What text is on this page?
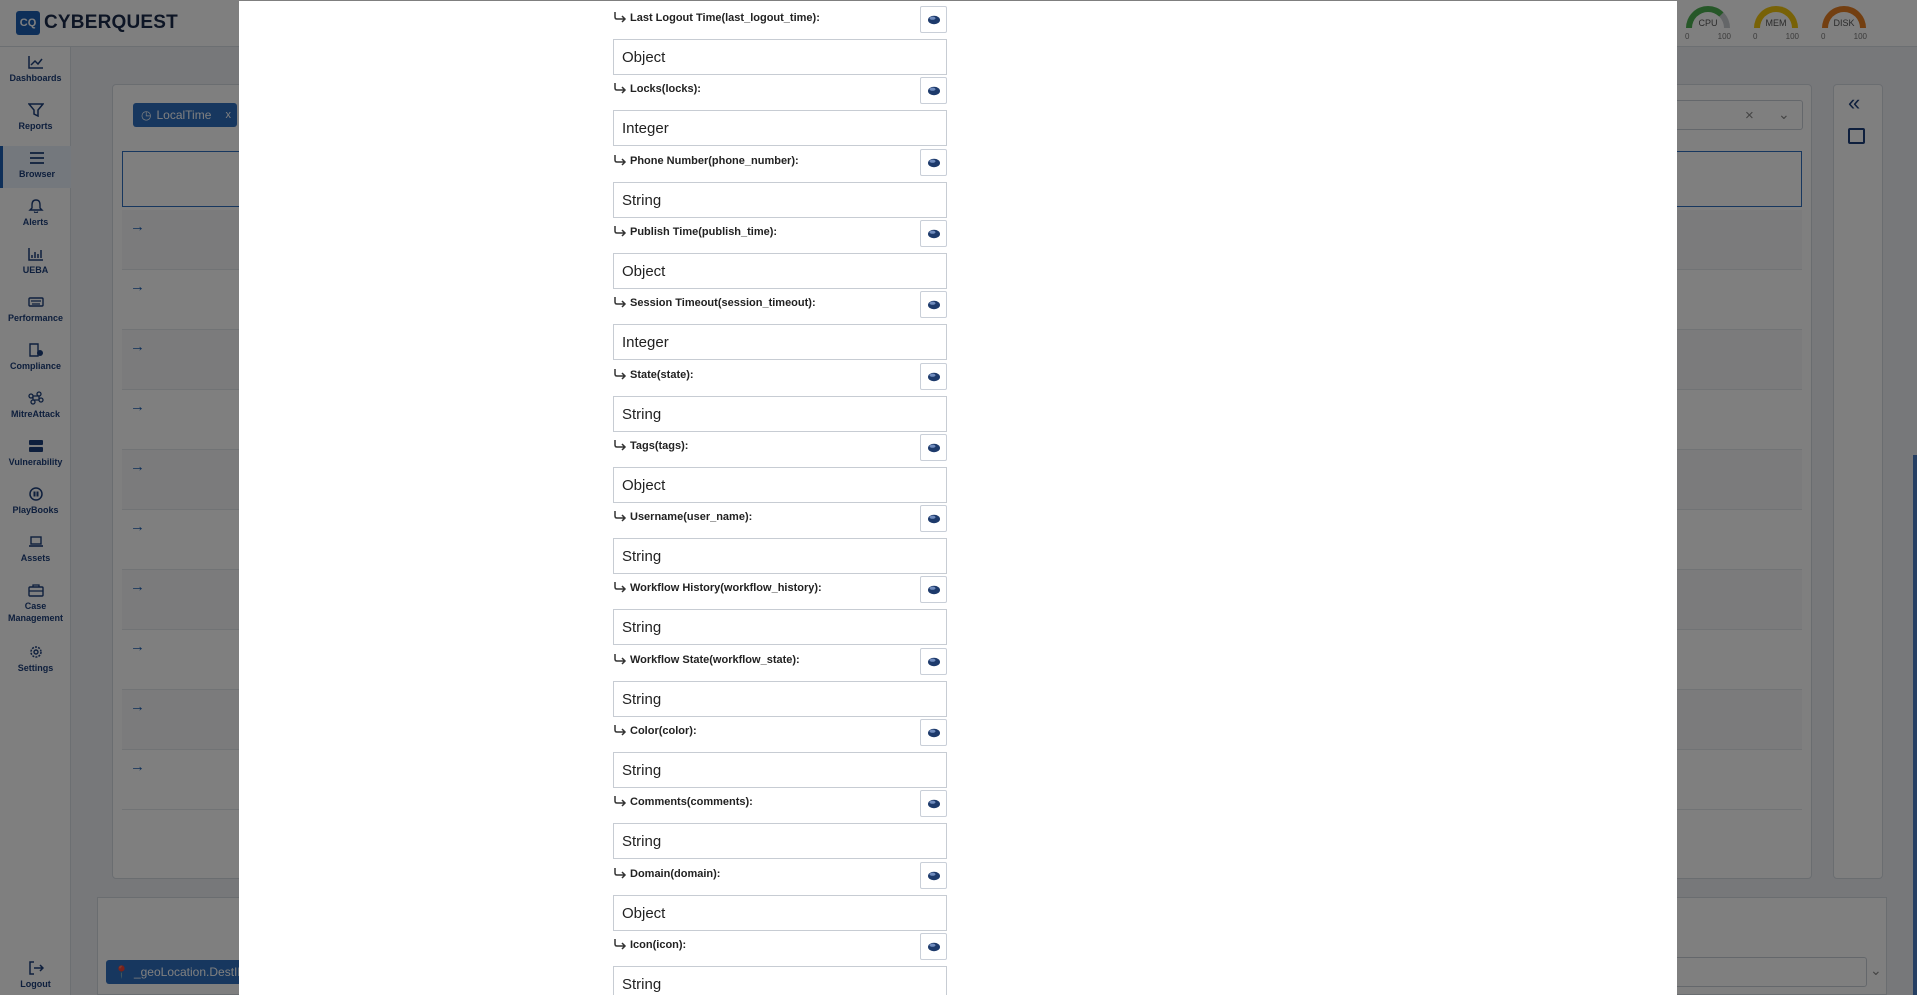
Last Logout Time(last_logout_time):
Object
Locks(locks):
Integer
Phone Number(phone_number):
String
Publish Time(publish_time):
Object
Session Timeout(session_timeout):
Integer
State(state):
String
Tags(tags):
Object
Username(user_name):
String
Workflow History(workflow_history):
String
Workflow State(workflow_state):
String
Color(color):
String
Comments(comments):
String
Domain(domain):
Object
Icon(icon):
String
